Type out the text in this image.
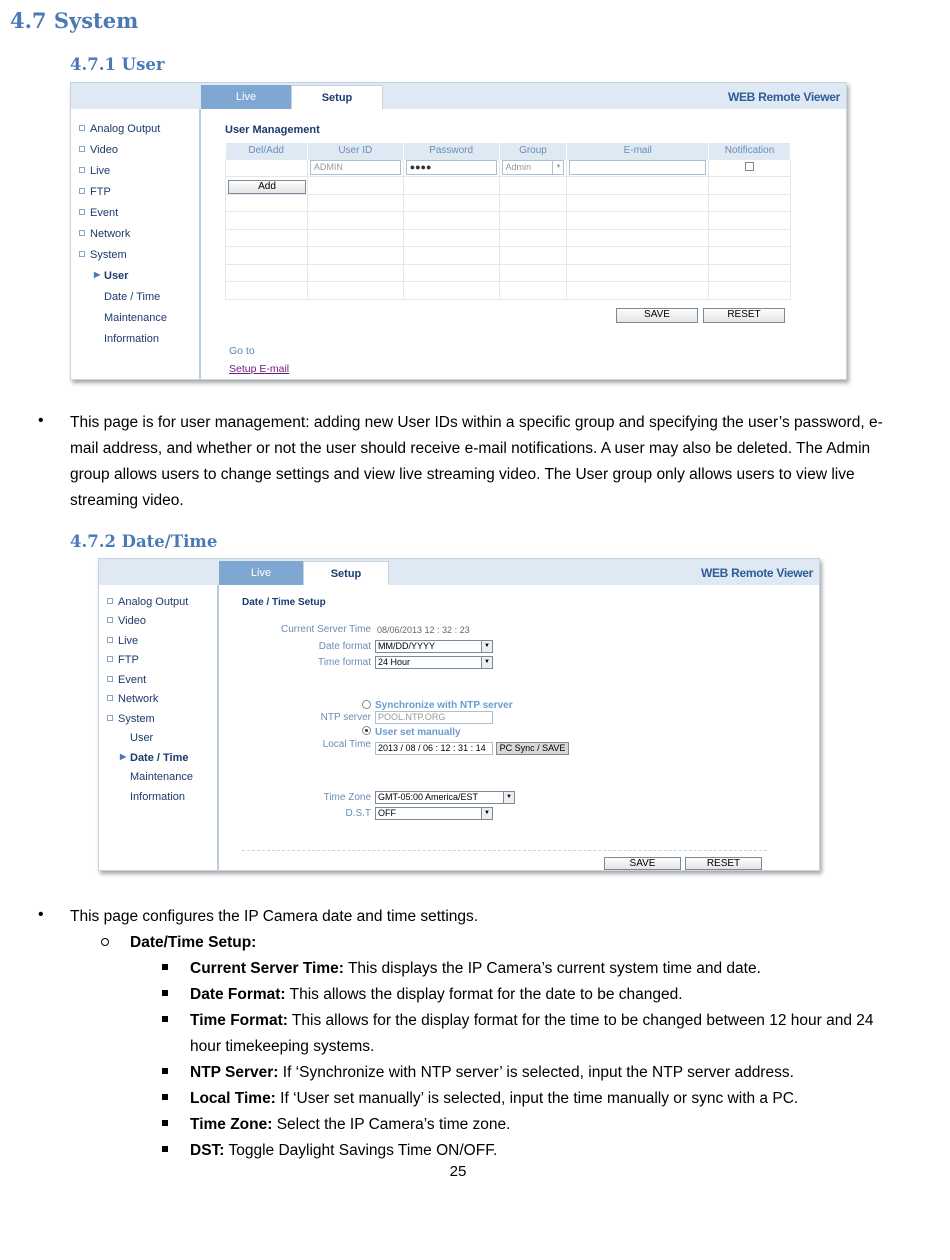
4.7 System
4.7.1 User
Live	Setup	WEB Remote Viewer
Analog Output
Video
Live
FTP
Event
Network
System
▶ User
Date / Time
Maintenance
Information
User Management
Del/Add	User ID	Password	Group	E-mail	Notification

	ADMIN	●●●●	Admin ▼		

Add
SAVE	RESET
Go to
Setup E-mail
• This page is for user management: adding new User IDs within a specific group and specifying the user’s password, e-mail address, and whether or not the user should receive e-mail notifications. A user may also be deleted. The Admin group allows users to change settings and view live streaming video. The User group only allows users to view live streaming video.
4.7.2 Date/Time
Live	Setup	WEB Remote Viewer
Analog Output
Video
Live
FTP
Event
Network
System
User
▶ Date / Time
Maintenance
Information
Date / Time Setup
Current Server Time 08/06/2013 12 : 32 : 23
Date format MM/DD/YYYY	▼
Time format 24 Hour	▼
Synchronize with NTP server
NTP server POOL.NTP.ORG
User set manually
Local Time 2013 / 08 / 06 : 12 : 31 : 14	PC Sync / SAVE
Time Zone GMT-05:00 America/EST	▼
D.S.T OFF	▼
SAVE	RESET
• This page configures the IP Camera date and time settings.
Date/Time Setup:
Current Server Time: This displays the IP Camera’s current system time and date.
Date Format: This allows the display format for the date to be changed.
Time Format: This allows for the display format for the time to be changed between 12 hour and 24 hour timekeeping systems.
NTP Server: If ‘Synchronize with NTP server’ is selected, input the NTP server address.
Local Time: If ‘User set manually’ is selected, input the time manually or sync with a PC.
Time Zone: Select the IP Camera’s time zone.
DST: Toggle Daylight Savings Time ON/OFF.
25
